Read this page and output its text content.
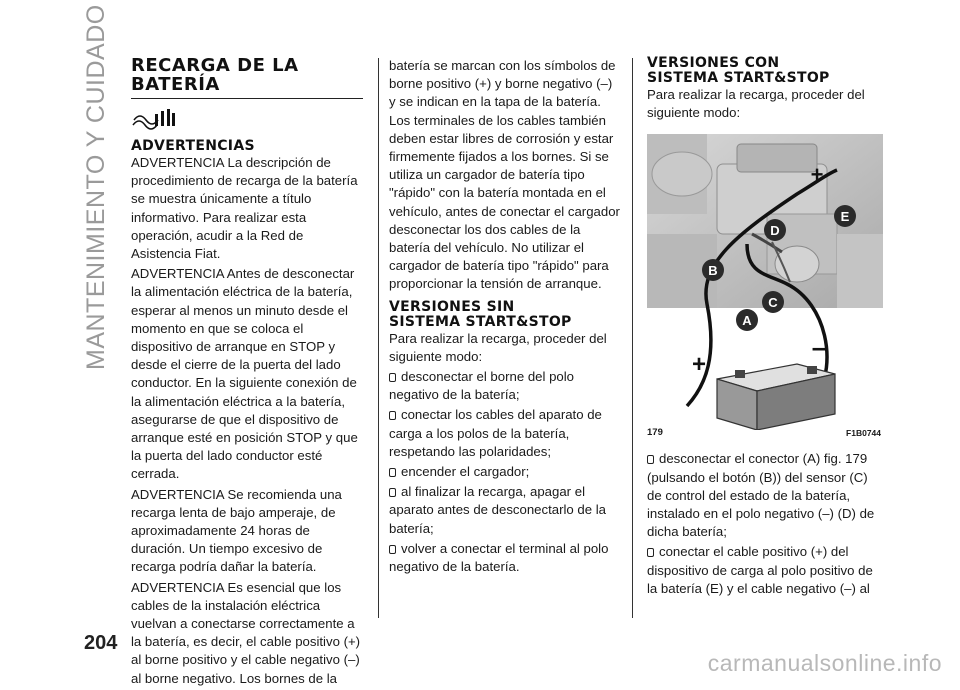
MANTENIMIENTO Y CUIDADO
204
RECARGA DE LA
BATERÍA
ADVERTENCIAS

ADVERTENCIA La descripción de procedimiento de recarga de la batería se muestra únicamente a título informativo. Para realizar esta operación, acudir a la Red de Asistencia Fiat.

ADVERTENCIA Antes de desconectar la alimentación eléctrica de la batería, esperar al menos un minuto desde el momento en que se coloca el dispositivo de arranque en STOP y desde el cierre de la puerta del lado conductor. En la siguiente conexión de la alimentación eléctrica a la batería, asegurarse de que el dispositivo de arranque esté en posición STOP y que la puerta del lado conductor esté cerrada.

ADVERTENCIA Se recomienda una recarga lenta de bajo amperaje, de aproximadamente 24 horas de duración. Un tiempo excesivo de recarga podría dañar la batería.

ADVERTENCIA Es esencial que los cables de la instalación eléctrica vuelvan a conectarse correctamente a la batería, es decir, el cable positivo (+) al borne positivo y el cable negativo (–) al borne negativo. Los bornes de la

batería se marcan con los símbolos de borne positivo (+) y borne negativo (–) y se indican en la tapa de la batería. Los terminales de los cables también deben estar libres de corrosión y estar firmemente fijados a los bornes. Si se utiliza un cargador de batería tipo "rápido" con la batería montada en el vehículo, antes de conectar el cargador desconectar los dos cables de la batería del vehículo. No utilizar el cargador de batería tipo "rápido" para proporcionar la tensión de arranque.

VERSIONES SIN
SISTEMA START&STOP

Para realizar la recarga, proceder del siguiente modo:

desconectar el borne del polo negativo de la batería;

conectar los cables del aparato de carga a los polos de la batería, respetando las polaridades;

encender el cargador;

al finalizar la recarga, apagar el aparato antes de desconectarlo de la batería;

volver a conectar el terminal al polo negativo de la batería.

VERSIONES CON
SISTEMA START&STOP

Para realizar la recarga, proceder del siguiente modo:

E
D
B
C
A
+
+
–
179	F1B0744

desconectar el conector (A) fig. 179 (pulsando el botón (B)) del sensor (C) de control del estado de la batería, instalado en el polo negativo (–) (D) de dicha batería;

conectar el cable positivo (+) del dispositivo de carga al polo positivo de la batería (E) y el cable negativo (–) al

carmanualsonline.info
